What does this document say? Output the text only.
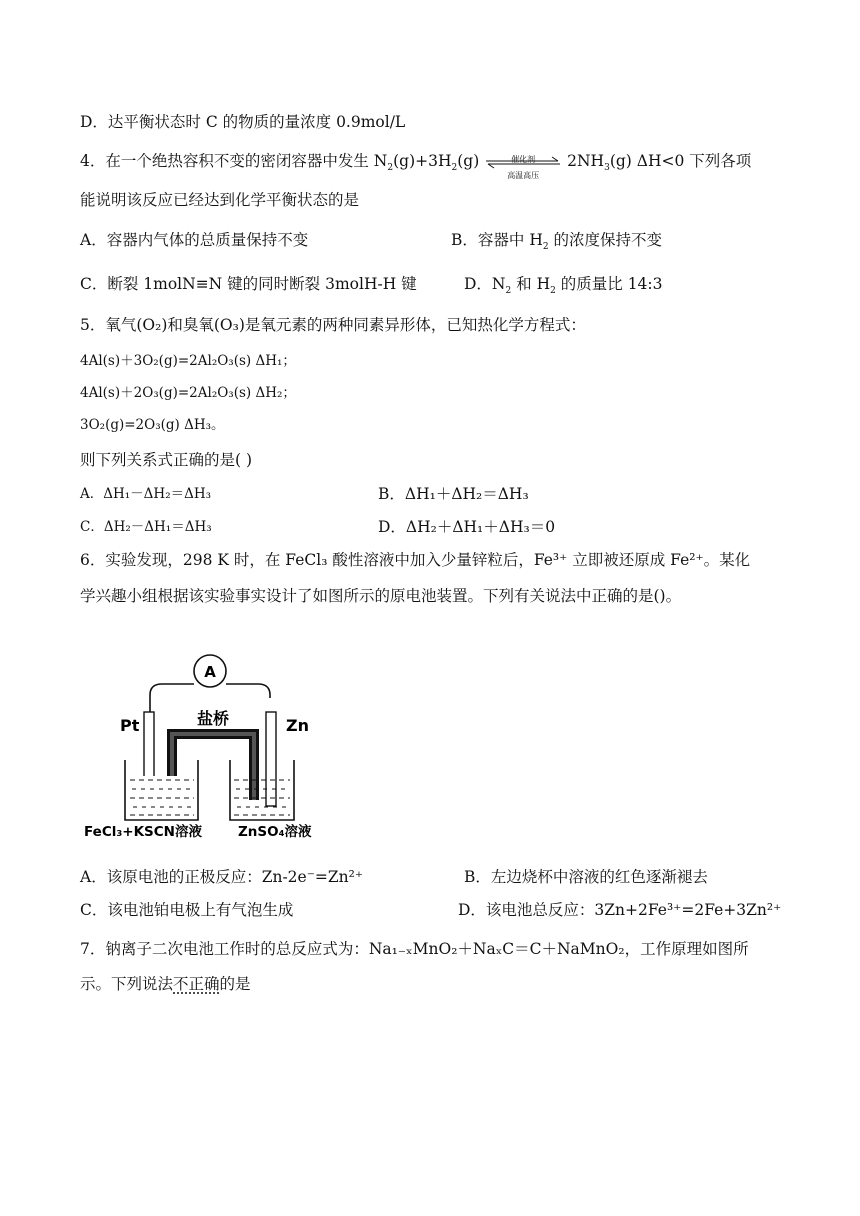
D．达平衡状态时 C 的物质的量浓度 0.9mol/L
4．在一个绝热容积不变的密闭容器中发生 $N_2(g)+3H_2(g)$	催化剂
高温高压
$2NH_3(g)$ ΔH<0 下列各项
能说明该反应已经达到化学平衡状态的是
A．容器内气体的总质量保持不变	B．容器中 $H_2$ 的浓度保持不变
C．断裂 1molN≡N 键的同时断裂 3molH-H 键	D．$N_2$ 和 $H_2$ 的质量比 14:3
5．氧气(O₂)和臭氧(O₃)是氧元素的两种同素异形体，已知热化学方程式：
4Al(s)＋3O₂(g)=2Al₂O₃(s) ΔH₁；
4Al(s)＋2O₃(g)=2Al₂O₃(s) ΔH₂；
3O₂(g)=2O₃(g) ΔH₃。
则下列关系式正确的是( )
A．ΔH₁－ΔH₂＝ΔH₃	B．ΔH₁＋ΔH₂＝ΔH₃
C．ΔH₂－ΔH₁＝ΔH₃	D．ΔH₂＋ΔH₁＋ΔH₃＝0
6．实验发现，298 K 时，在 FeCl₃ 酸性溶液中加入少量锌粒后，Fe³⁺ 立即被还原成 Fe²⁺。某化
学兴趣小组根据该实验事实设计了如图所示的原电池装置。下列有关说法中正确的是()。
A
Pt	Zn
盐桥
FeCl₃+KSCN溶液	ZnSO₄溶液
A．该原电池的正极反应：Zn-2e⁻=Zn²⁺	B．左边烧杯中溶液的红色逐渐褪去
C．该电池铂电极上有气泡生成	D．该电池总反应：3Zn+2Fe³⁺=2Fe+3Zn²⁺
7．钠离子二次电池工作时的总反应式为：Na₁₋ₓMnO₂＋NaₓC＝C＋NaMnO₂，工作原理如图所
示。下列说法不正确的是
